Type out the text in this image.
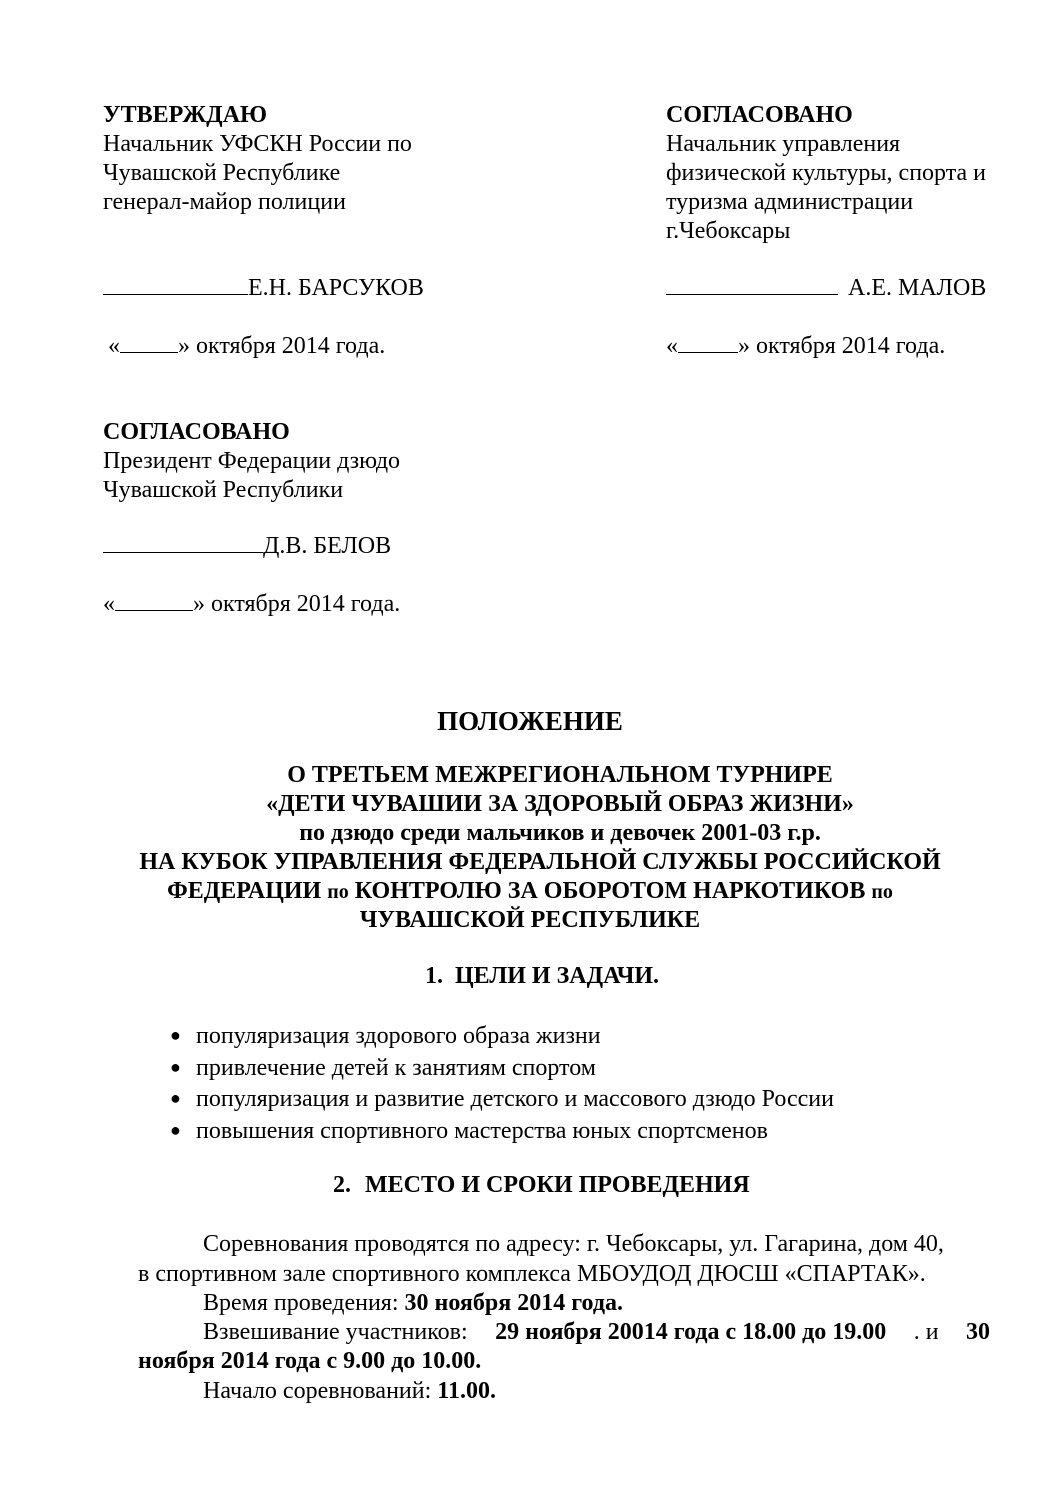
УТВЕРЖДАЮ
Начальник УФСКН России по
Чувашской Республике
генерал-майор полиции
Е.Н. БАРСУКОВ
« » октября 2014 года.
СОГЛАСОВАНО
Начальник управления
физической культуры, спорта и
туризма администрации
г.Чебоксары
А.Е. МАЛОВ
«	» октября 2014 года.
СОГЛАСОВАНО
Президент Федерации дзюдо
Чувашской Республики
Д.В. БЕЛОВ
«	» октября 2014 года.
ПОЛОЖЕНИЕ
О ТРЕТЬЕМ МЕЖРЕГИОНАЛЬНОМ ТУРНИРЕ
«ДЕТИ ЧУВАШИИ ЗА ЗДОРОВЫЙ ОБРАЗ ЖИЗНИ»
по дзюдо среди мальчиков и девочек 2001-03 г.р.
НА КУБОК УПРАВЛЕНИЯ ФЕДЕРАЛЬНОЙ СЛУЖБЫ РОССИЙСКОЙ
ФЕДЕРАЦИИ по КОНТРОЛЮ ЗА ОБОРОТОМ НАРКОТИКОВ по
ЧУВАШСКОЙ РЕСПУБЛИКЕ
1. ЦЕЛИ И ЗАДАЧИ.
● популяризация здорового образа жизни
● привлечение детей к занятиям спортом
● популяризация и развитие детского и массового дзюдо России
● повышения спортивного мастерства юных спортсменов
2. МЕСТО И СРОКИ ПРОВЕДЕНИЯ
Соревнования проводятся по адресу: г. Чебоксары, ул. Гагарина, дом 40,
в спортивном зале спортивного комплекса МБОУДОД ДЮСШ «СПАРТАК».
Время проведения: 30 ноября 2014 года.
Взвешивание участников: 29 ноября 20014 года с 18.00 до 19.00 . и 30
ноября 2014 года с 9.00 до 10.00.
Начало соревнований: 11.00.
